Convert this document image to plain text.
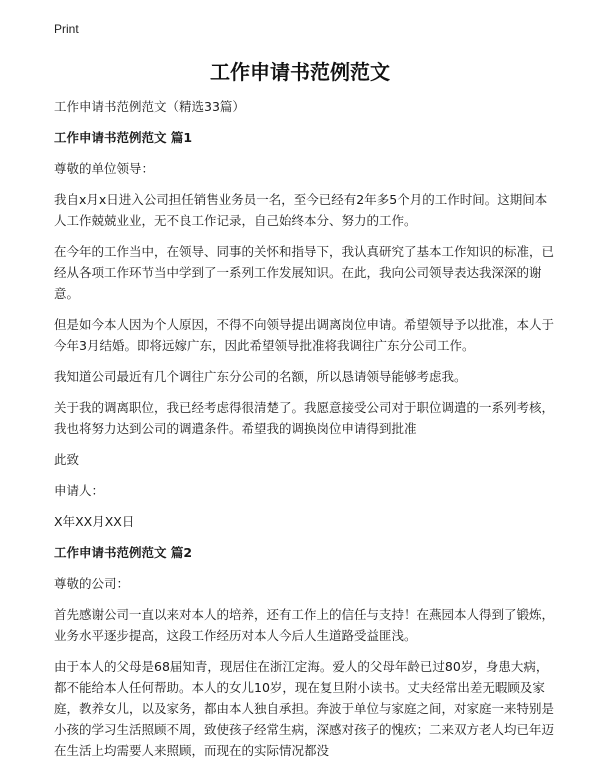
Print
工作申请书范例范文

工作申请书范例范文（精选33篇）

工作申请书范例范文 篇1

尊敬的单位领导：

我自x月x日进入公司担任销售业务员一名，至今已经有2年多5个月的工作时间。这期间本人工作兢兢业业，无不良工作记录，自己始终本分、努力的工作。

在今年的工作当中，在领导、同事的关怀和指导下，我认真研究了基本工作知识的标准，已经从各项工作环节当中学到了一系列工作发展知识。在此，我向公司领导表达我深深的谢意。

但是如今本人因为个人原因，不得不向领导提出调离岗位申请。希望领导予以批准，本人于今年3月结婚。即将远嫁广东，因此希望领导批准将我调往广东分公司工作。

我知道公司最近有几个调往广东分公司的名额，所以恳请领导能够考虑我。

关于我的调离职位，我已经考虑得很清楚了。我愿意接受公司对于职位调遣的一系列考核，我也将努力达到公司的调遣条件。希望我的调换岗位申请得到批准

此致

申请人：

X年XX月XX日

工作申请书范例范文 篇2

尊敬的公司：

首先感谢公司一直以来对本人的培养，还有工作上的信任与支持！在燕园本人得到了锻炼，业务水平逐步提高，这段工作经历对本人今后人生道路受益匪浅。

由于本人的父母是68届知青，现居住在浙江定海。爱人的父母年龄已过80岁，身患大病，都不能给本人任何帮助。本人的女儿10岁，现在复旦附小读书。丈夫经常出差无暇顾及家庭，教养女儿，以及家务，都由本人独自承担。奔波于单位与家庭之间，对家庭一来特别是小孩的学习生活照顾不周，致使孩子经常生病，深感对孩子的愧疚；二来双方老人均已年迈在生活上均需要人来照顾，而现在的实际情况都没
